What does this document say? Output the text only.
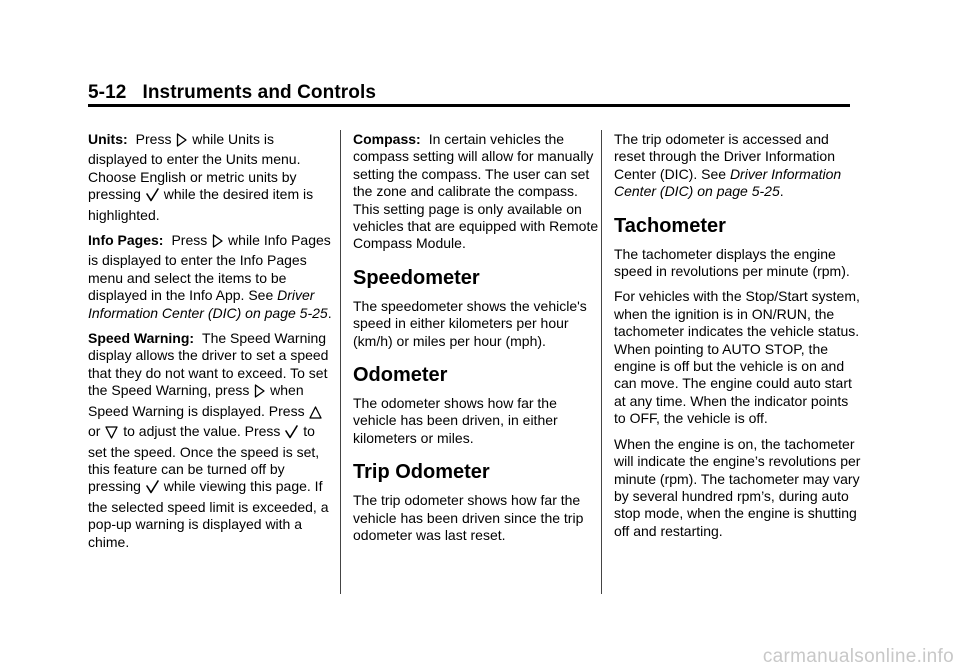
5-12 Instruments and Controls

Units: Press while Units is displayed to enter the Units menu. Choose English or metric units by pressing while the desired item is highlighted.

Info Pages: Press while Info Pages is displayed to enter the Info Pages menu and select the items to be displayed in the Info App. See Driver Information Center (DIC) on page 5-25.

Speed Warning: The Speed Warning display allows the driver to set a speed that they do not want to exceed. To set the Speed Warning, press when Speed Warning is displayed. Press  or to adjust the value. Press to set the speed. Once the speed is set, this feature can be turned off by pressing while viewing this page. If the selected speed limit is exceeded, a pop-up warning is displayed with a chime.

Compass: In certain vehicles the compass setting will allow for manually setting the compass. The user can set the zone and calibrate the compass. This setting page is only available on vehicles that are equipped with Remote Compass Module.

Speedometer

The speedometer shows the vehicle's speed in either kilometers per hour (km/h) or miles per hour (mph).

Odometer

The odometer shows how far the vehicle has been driven, in either kilometers or miles.

Trip Odometer

The trip odometer shows how far the vehicle has been driven since the trip odometer was last reset.

The trip odometer is accessed and reset through the Driver Information Center (DIC). See Driver Information Center (DIC) on page 5-25.

Tachometer

The tachometer displays the engine speed in revolutions per minute (rpm).

For vehicles with the Stop/Start system, when the ignition is in ON/RUN, the tachometer indicates the vehicle status. When pointing to AUTO STOP, the engine is off but the vehicle is on and can move. The engine could auto start at any time. When the indicator points to OFF, the vehicle is off.

When the engine is on, the tachometer will indicate the engine’s revolutions per minute (rpm). The tachometer may vary by several hundred rpm’s, during auto stop mode, when the engine is shutting off and restarting.

carmanualsonline.info
